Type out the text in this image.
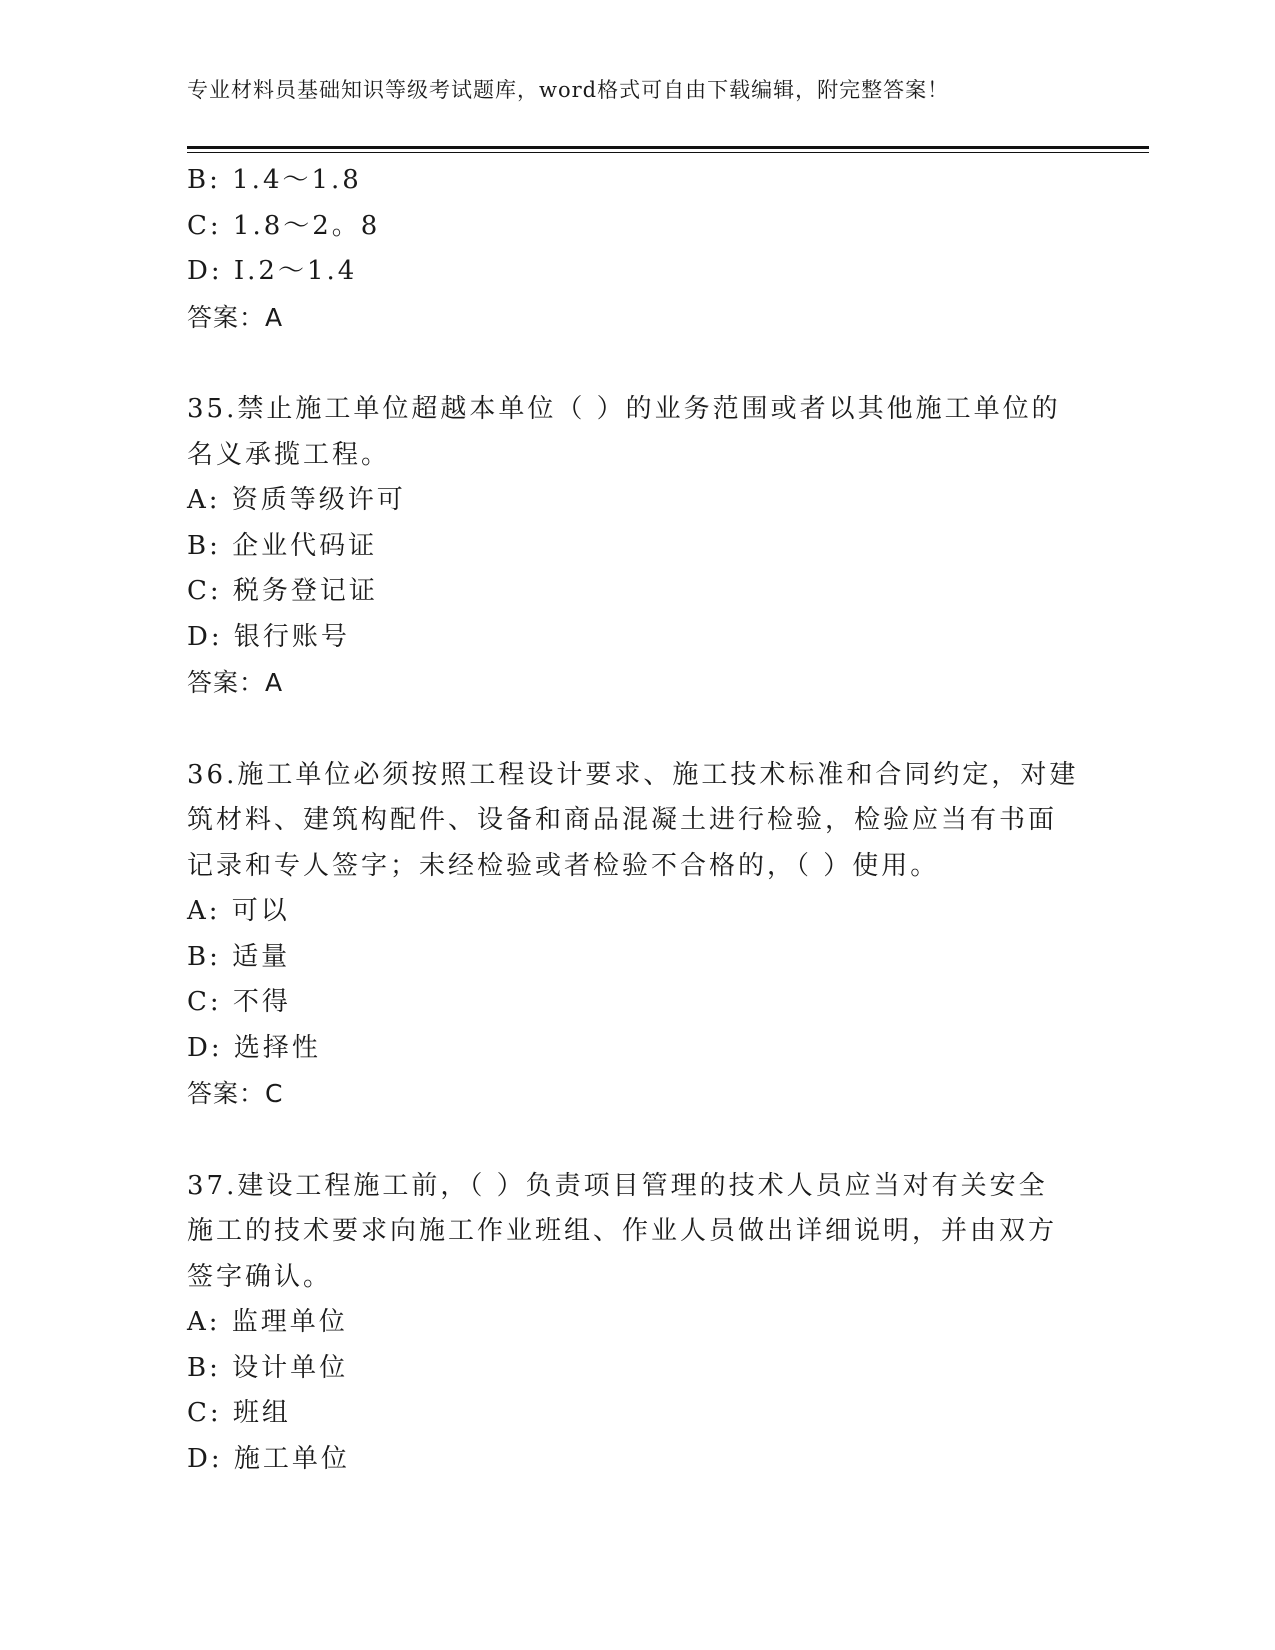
专业材料员基础知识等级考试题库，word格式可自由下载编辑，附完整答案！
B: 1.4～1.8
C: 1.8～2。8
D: I.2～1.4
答案：A
35.禁止施工单位超越本单位（ ）的业务范围或者以其他施工单位的
名义承揽工程。
A: 资质等级许可
B: 企业代码证
C: 税务登记证
D: 银行账号
答案：A
36.施工单位必须按照工程设计要求、施工技术标准和合同约定，对建
筑材料、建筑构配件、设备和商品混凝土进行检验，检验应当有书面
记录和专人签字；未经检验或者检验不合格的，（ ）使用。
A: 可以
B: 适量
C: 不得
D: 选择性
答案：C
37.建设工程施工前，（ ）负责项目管理的技术人员应当对有关安全
施工的技术要求向施工作业班组、作业人员做出详细说明，并由双方
签字确认。
A: 监理单位
B: 设计单位
C: 班组
D: 施工单位
